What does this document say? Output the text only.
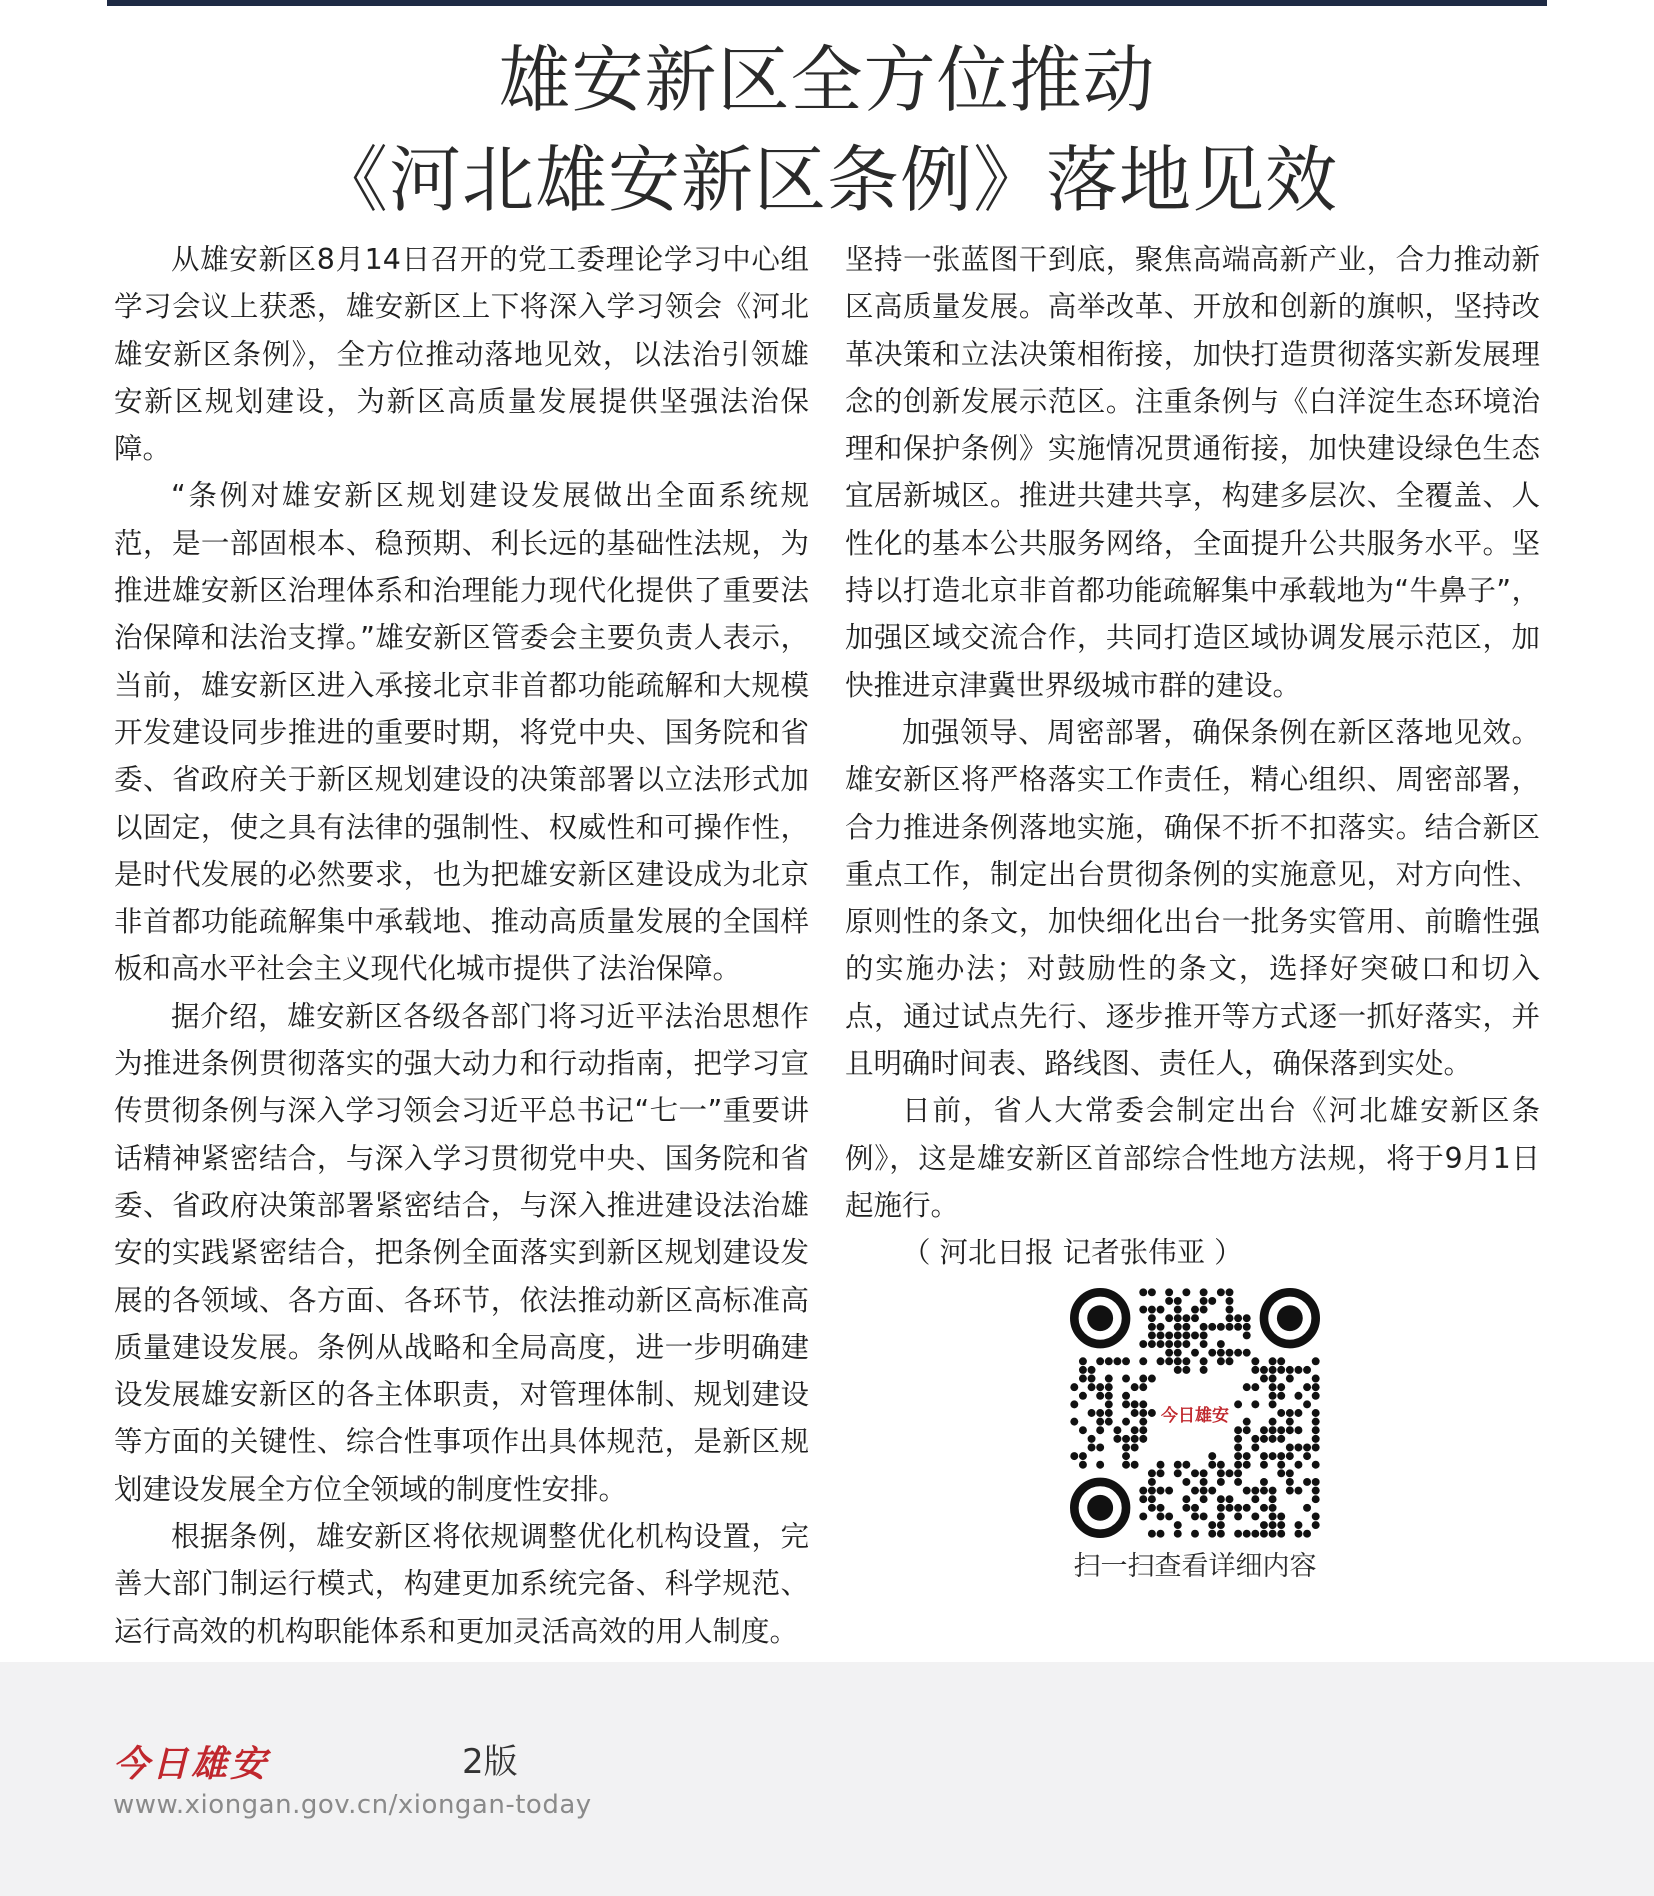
雄安新区全方位推动
《河北雄安新区条例》落地见效

从雄安新区8月14日召开的党工委理论学习中心组学习会议上获悉，雄安新区上下将深入学习领会《河北雄安新区条例》，全方位推动落地见效，以法治引领雄安新区规划建设，为新区高质量发展提供坚强法治保障。

“条例对雄安新区规划建设发展做出全面系统规范，是一部固根本、稳预期、利长远的基础性法规，为推进雄安新区治理体系和治理能力现代化提供了重要法治保障和法治支撑。”雄安新区管委会主要负责人表示，当前，雄安新区进入承接北京非首都功能疏解和大规模开发建设同步推进的重要时期，将党中央、国务院和省委、省政府关于新区规划建设的决策部署以立法形式加以固定，使之具有法律的强制性、权威性和可操作性，是时代发展的必然要求，也为把雄安新区建设成为北京非首都功能疏解集中承载地、推动高质量发展的全国样板和高水平社会主义现代化城市提供了法治保障。

据介绍，雄安新区各级各部门将习近平法治思想作为推进条例贯彻落实的强大动力和行动指南，把学习宣传贯彻条例与深入学习领会习近平总书记“七一”重要讲话精神紧密结合，与深入学习贯彻党中央、国务院和省委、省政府决策部署紧密结合，与深入推进建设法治雄安的实践紧密结合，把条例全面落实到新区规划建设发展的各领域、各方面、各环节，依法推动新区高标准高质量建设发展。条例从战略和全局高度，进一步明确建设发展雄安新区的各主体职责，对管理体制、规划建设等方面的关键性、综合性事项作出具体规范，是新区规划建设发展全方位全领域的制度性安排。

根据条例，雄安新区将依规调整优化机构设置，完善大部门制运行模式，构建更加系统完备、科学规范、运行高效的机构职能体系和更加灵活高效的用人制度。

坚持一张蓝图干到底，聚焦高端高新产业，合力推动新区高质量发展。高举改革、开放和创新的旗帜，坚持改革决策和立法决策相衔接，加快打造贯彻落实新发展理念的创新发展示范区。注重条例与《白洋淀生态环境治理和保护条例》实施情况贯通衔接，加快建设绿色生态宜居新城区。推进共建共享，构建多层次、全覆盖、人性化的基本公共服务网络，全面提升公共服务水平。坚持以打造北京非首都功能疏解集中承载地为“牛鼻子”，加强区域交流合作，共同打造区域协调发展示范区，加快推进京津冀世界级城市群的建设。

加强领导、周密部署，确保条例在新区落地见效。雄安新区将严格落实工作责任，精心组织、周密部署，合力推进条例落地实施，确保不折不扣落实。结合新区重点工作，制定出台贯彻条例的实施意见，对方向性、原则性的条文，加快细化出台一批务实管用、前瞻性强的实施办法；对鼓励性的条文，选择好突破口和切入点，通过试点先行、逐步推开等方式逐一抓好落实，并且明确时间表、路线图、责任人，确保落到实处。

日前，省人大常委会制定出台《河北雄安新区条例》，这是雄安新区首部综合性地方法规，将于9月1日起施行。

（ 河北日报 记者张伟亚 ）

今日雄安
扫一扫查看详细内容
今日雄安	2版
www.xiongan.gov.cn/xiongan-today
